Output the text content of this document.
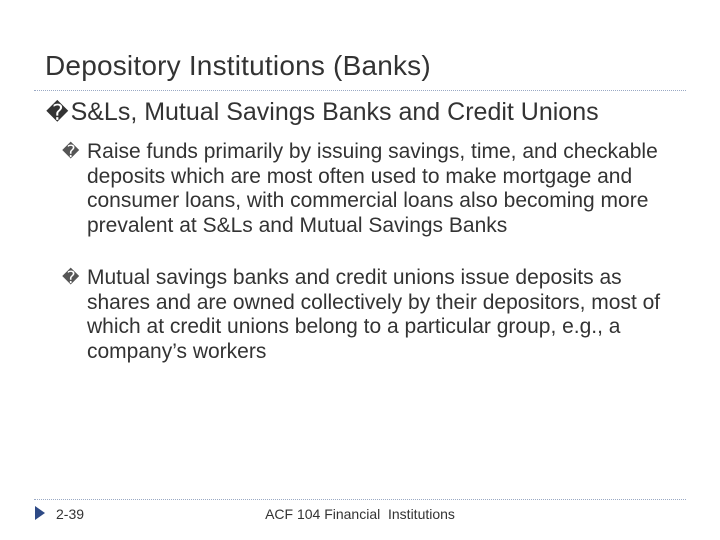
Depository Institutions (Banks)
�S&Ls, Mutual Savings Banks and Credit Unions
� Raise funds primarily by issuing savings, time, and checkable deposits which are most often used to make mortgage and consumer loans, with commercial loans also becoming more prevalent at S&Ls and Mutual Savings Banks
� Mutual savings banks and credit unions issue deposits as shares and are owned collectively by their depositors, most of which at credit unions belong to a particular group, e.g., a company’s workers
2-39	ACF 104 Financial  Institutions
